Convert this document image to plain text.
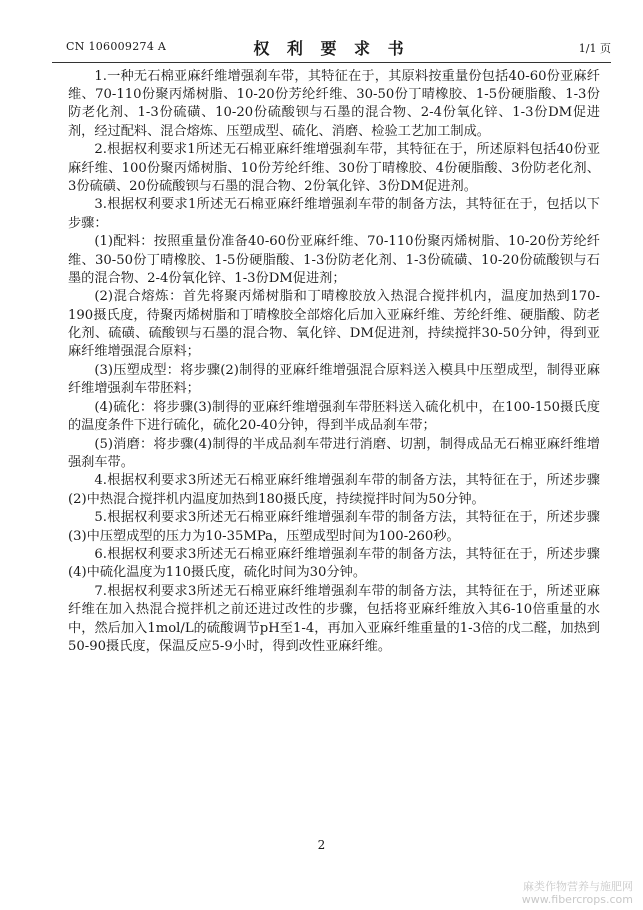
CN 106009274 A	权 利 要 求 书	1/1 页

1.一种无石棉亚麻纤维增强刹车带，其特征在于，其原料按重量份包括40-60份亚麻纤维、70-110份聚丙烯树脂、10-20份芳纶纤维、30-50份丁晴橡胶、1-5份硬脂酸、1-3份防老化剂、1-3份硫磺、10-20份硫酸钡与石墨的混合物、2-4份氧化锌、1-3份DM促进剂，经过配料、混合熔炼、压塑成型、硫化、消磨、检验工艺加工制成。

2.根据权利要求1所述无石棉亚麻纤维增强刹车带，其特征在于，所述原料包括40份亚麻纤维、100份聚丙烯树脂、10份芳纶纤维、30份丁晴橡胶、4份硬脂酸、3份防老化剂、3份硫磺、20份硫酸钡与石墨的混合物、2份氧化锌、3份DM促进剂。

3.根据权利要求1所述无石棉亚麻纤维增强刹车带的制备方法，其特征在于，包括以下步骤：

(1)配料：按照重量份准备40-60份亚麻纤维、70-110份聚丙烯树脂、10-20份芳纶纤维、30-50份丁晴橡胶、1-5份硬脂酸、1-3份防老化剂、1-3份硫磺、10-20份硫酸钡与石墨的混合物、2-4份氧化锌、1-3份DM促进剂；

(2)混合熔炼：首先将聚丙烯树脂和丁晴橡胶放入热混合搅拌机内，温度加热到170-190摄氏度，待聚丙烯树脂和丁晴橡胶全部熔化后加入亚麻纤维、芳纶纤维、硬脂酸、防老化剂、硫磺、硫酸钡与石墨的混合物、氧化锌、DM促进剂，持续搅拌30-50分钟，得到亚麻纤维增强混合原料；

(3)压塑成型：将步骤(2)制得的亚麻纤维增强混合原料送入模具中压塑成型，制得亚麻纤维增强刹车带胚料；

(4)硫化：将步骤(3)制得的亚麻纤维增强刹车带胚料送入硫化机中，在100-150摄氏度的温度条件下进行硫化，硫化20-40分钟，得到半成品刹车带；

(5)消磨：将步骤(4)制得的半成品刹车带进行消磨、切割，制得成品无石棉亚麻纤维增强刹车带。

4.根据权利要求3所述无石棉亚麻纤维增强刹车带的制备方法，其特征在于，所述步骤(2)中热混合搅拌机内温度加热到180摄氏度，持续搅拌时间为50分钟。

5.根据权利要求3所述无石棉亚麻纤维增强刹车带的制备方法，其特征在于，所述步骤(3)中压塑成型的压力为10-35MPa，压塑成型时间为100-260秒。

6.根据权利要求3所述无石棉亚麻纤维增强刹车带的制备方法，其特征在于，所述步骤(4)中硫化温度为110摄氏度，硫化时间为30分钟。

7.根据权利要求3所述无石棉亚麻纤维增强刹车带的制备方法，其特征在于，所述亚麻纤维在加入热混合搅拌机之前还进过改性的步骤，包括将亚麻纤维放入其6-10倍重量的水中，然后加入1mol/L的硫酸调节pH至1-4，再加入亚麻纤维重量的1-3倍的戊二醛，加热到50-90摄氏度，保温反应5-9小时，得到改性亚麻纤维。

2
麻类作物营养与施肥网
www.fibercrops.com
